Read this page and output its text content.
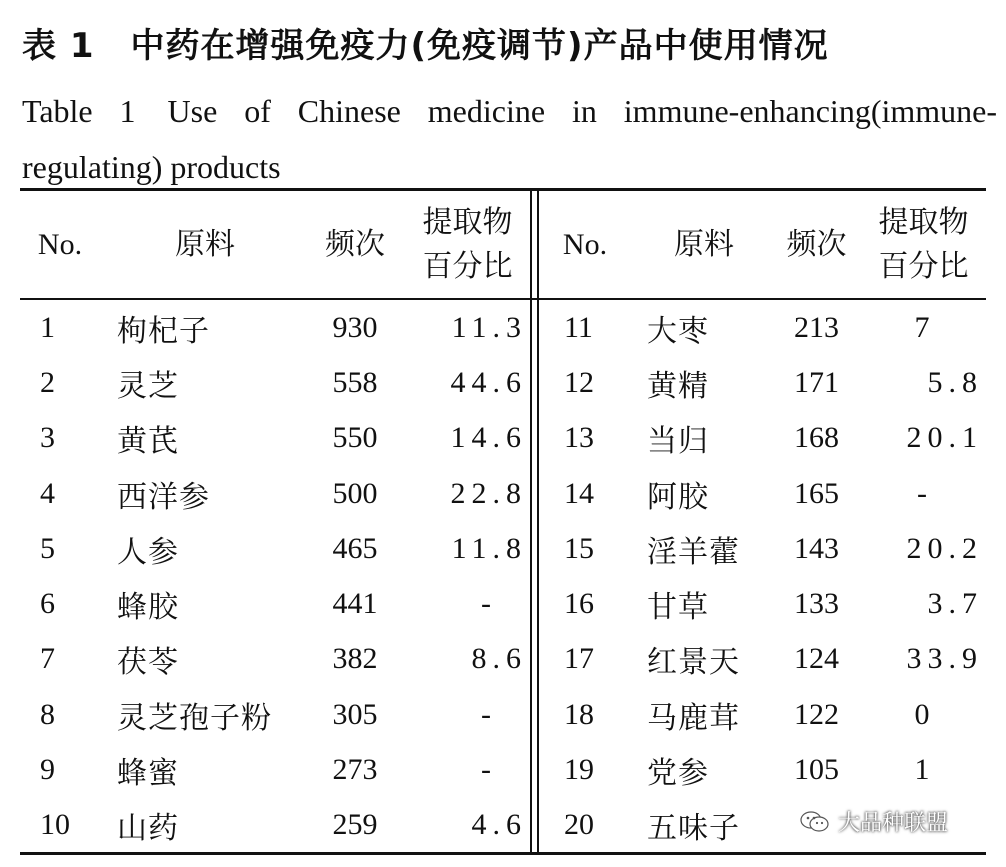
表 1 中药在增强免疫力(免疫调节)产品中使用情况
Table 1 Use of Chinese medicine in immune-enhancing(immune-regulating) products
No.	原料	频次
提取物
百分比
1	枸杞子	930	11.3
2	灵芝	558	44.6
3	黄芪	550	14.6
4	西洋参	500	22.8
5	人参	465	11.8
6	蜂胶	441	-
7	茯苓	382	8.6
8	灵芝孢子粉	305	-
9	蜂蜜	273	-
10	山药	259	4.6
No.	原料	频次
提取物
百分比
11	大枣	213	7
12	黄精	171	5.8
13	当归	168	20.1
14	阿胶	165	-
15	淫羊藿	143	20.2
16	甘草	133	3.7
17	红景天	124	33.9
18	马鹿茸	122	0
19	党参	105	1
20	五味子	大品种联盟
